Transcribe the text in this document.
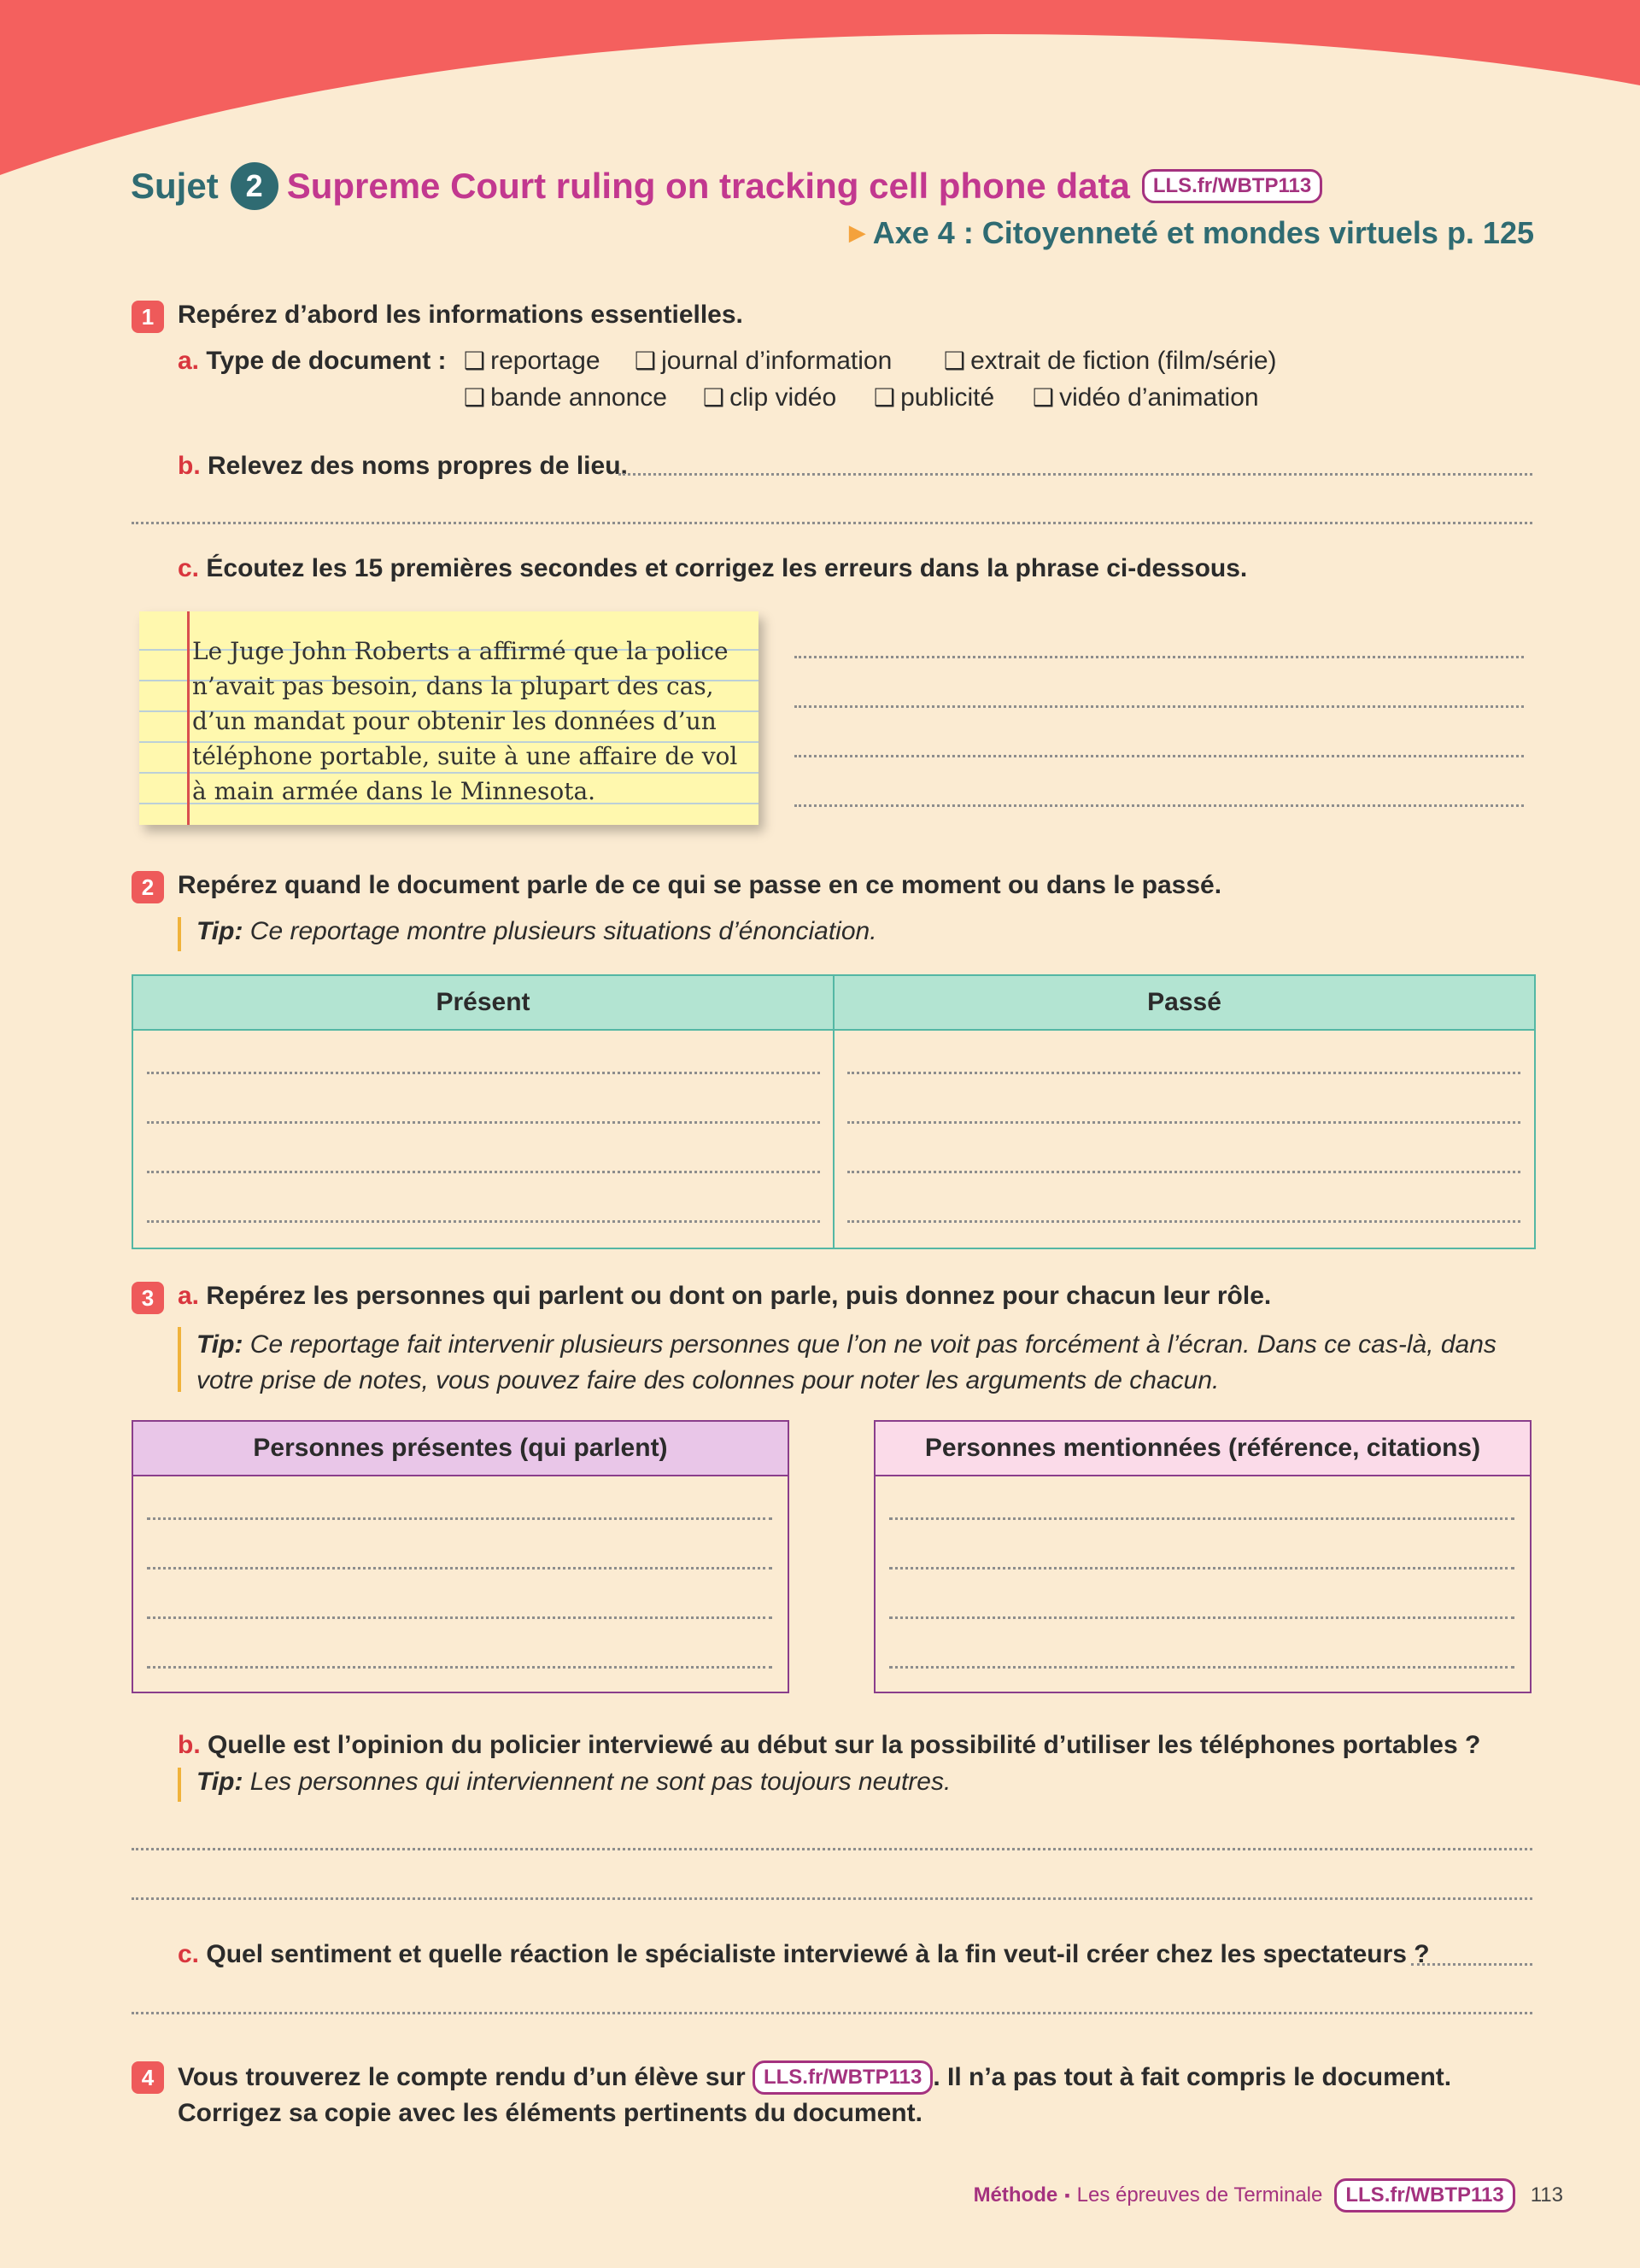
Sujet 2 Supreme Court ruling on tracking cell phone data	LLS.fr/WBTP113
▶ Axe 4 : Citoyenneté et mondes virtuels p. 125
1 Repérez d’abord les informations essentielles.
a. Type de document : ❑ reportage ❑ journal d’information ❑ extrait de fiction (film/série)
❑ bande annonce ❑ clip vidéo ❑ publicité ❑ vidéo d’animation
b. Relevez des noms propres de lieu.
c. Écoutez les 15 premières secondes et corrigez les erreurs dans la phrase ci-dessous.
Le Juge John Roberts a affirmé que la police
n’avait pas besoin, dans la plupart des cas,
d’un mandat pour obtenir les données d’un
téléphone portable, suite à une affaire de vol
à main armée dans le Minnesota.
2 Repérez quand le document parle de ce qui se passe en ce moment ou dans le passé.
Tip: Ce reportage montre plusieurs situations d’énonciation.
Présent	Passé
3 a. Repérez les personnes qui parlent ou dont on parle, puis donnez pour chacun leur rôle.
Tip: Ce reportage fait intervenir plusieurs personnes que l’on ne voit pas forcément à l’écran. Dans ce cas-là, dans
votre prise de notes, vous pouvez faire des colonnes pour noter les arguments de chacun.
Personnes présentes (qui parlent)	Personnes mentionnées (référence, citations)
b. Quelle est l’opinion du policier interviewé au début sur la possibilité d’utiliser les téléphones portables ?
Tip: Les personnes qui interviennent ne sont pas toujours neutres.
c. Quel sentiment et quelle réaction le spécialiste interviewé à la fin veut-il créer chez les spectateurs ?
4 Vous trouverez le compte rendu d’un élève sur LLS.fr/WBTP113 . Il n’a pas tout à fait compris le document.
Corrigez sa copie avec les éléments pertinents du document.
Méthode ▪ Les épreuves de Terminale	LLS.fr/WBTP113	113
